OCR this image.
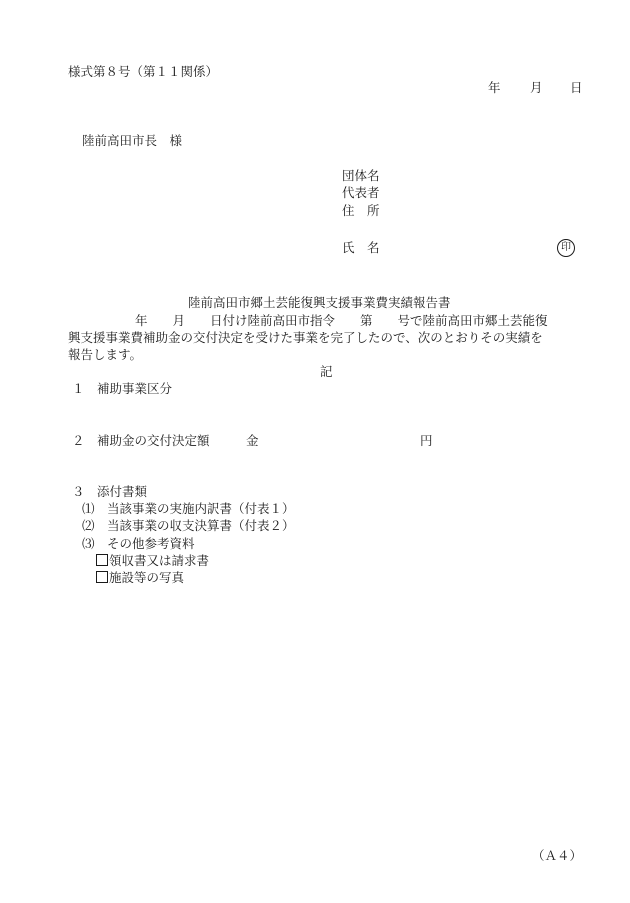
様式第８号（第１１関係）
年 月 日
陸前高田市長　様
団体名
代表者
住　所
氏　名	印
陸前高田市郷土芸能復興支援事業費実績報告書
年　　月　　日付け陸前高田市指令　　第　　号で陸前高田市郷土芸能復
興支援事業費補助金の交付決定を受けた事業を完了したので、次のとおりその実績を
報告します。
記
１　補助事業区分
２　補助金の交付決定額	金	円
３　添付書類
⑴　当該事業の実施内訳書（付表１）
⑵　当該事業の収支決算書（付表２）
⑶　その他参考資料
領収書又は請求書
施設等の写真
（Ａ４）
